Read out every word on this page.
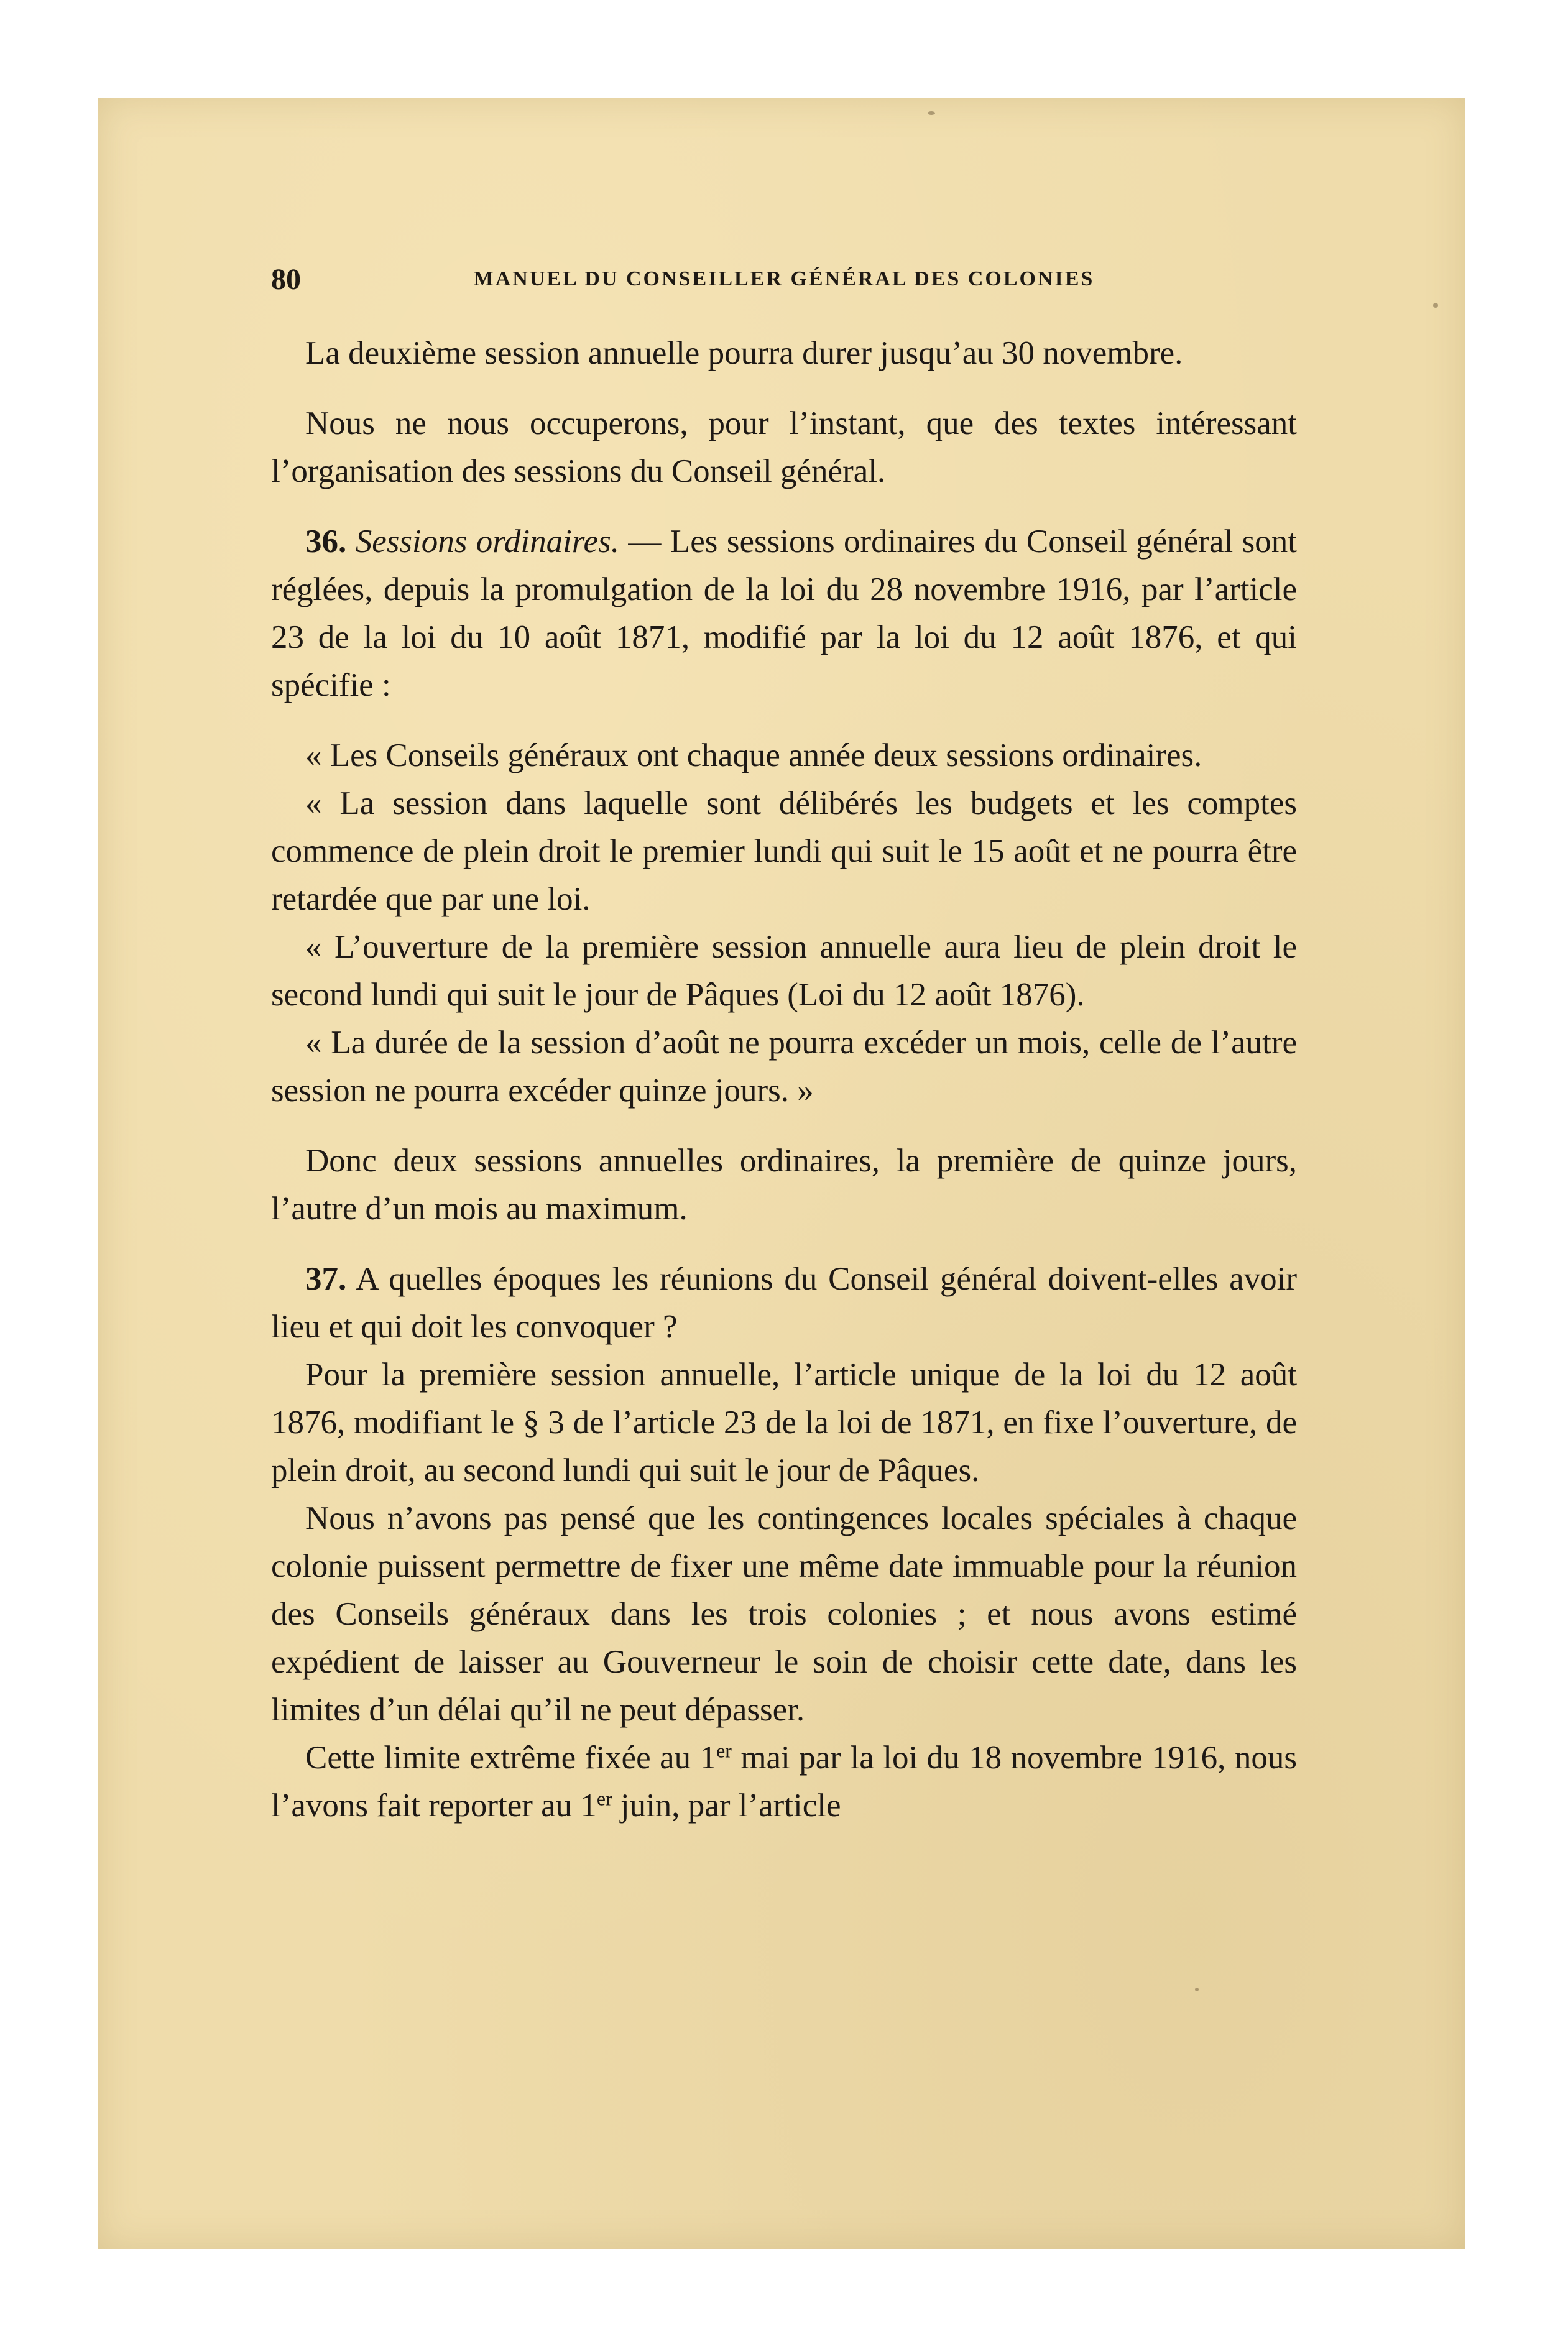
80	MANUEL DU CONSEILLER GÉNÉRAL DES COLONIES

La deuxième session annuelle pourra durer jusqu’au 30 novembre.

Nous ne nous occuperons, pour l’instant, que des textes intéressant l’organisation des sessions du Conseil général.

36. Sessions ordinaires. — Les sessions ordinaires du Conseil général sont réglées, depuis la promulgation de la loi du 28 novembre 1916, par l’article 23 de la loi du 10 août 1871, modifié par la loi du 12 août 1876, et qui spécifie :

« Les Conseils généraux ont chaque année deux sessions ordinaires.

« La session dans laquelle sont délibérés les budgets et les comptes commence de plein droit le premier lundi qui suit le 15 août et ne pourra être retardée que par une loi.

« L’ouverture de la première session annuelle aura lieu de plein droit le second lundi qui suit le jour de Pâques (Loi du 12 août 1876).

« La durée de la session d’août ne pourra excéder un mois, celle de l’autre session ne pourra excéder quinze jours. »

Donc deux sessions annuelles ordinaires, la première de quinze jours, l’autre d’un mois au maximum.

37. A quelles époques les réunions du Conseil général doivent-elles avoir lieu et qui doit les convoquer ?

Pour la première session annuelle, l’article unique de la loi du 12 août 1876, modifiant le § 3 de l’article 23 de la loi de 1871, en fixe l’ouverture, de plein droit, au second lundi qui suit le jour de Pâques.

Nous n’avons pas pensé que les contingences locales spéciales à chaque colonie puissent permettre de fixer une même date immuable pour la réunion des Conseils généraux dans les trois colonies ; et nous avons estimé expédient de laisser au Gouverneur le soin de choisir cette date, dans les limites d’un délai qu’il ne peut dépasser.

Cette limite extrême fixée au 1er mai par la loi du 18 novembre 1916, nous l’avons fait reporter au 1er juin, par l’article
